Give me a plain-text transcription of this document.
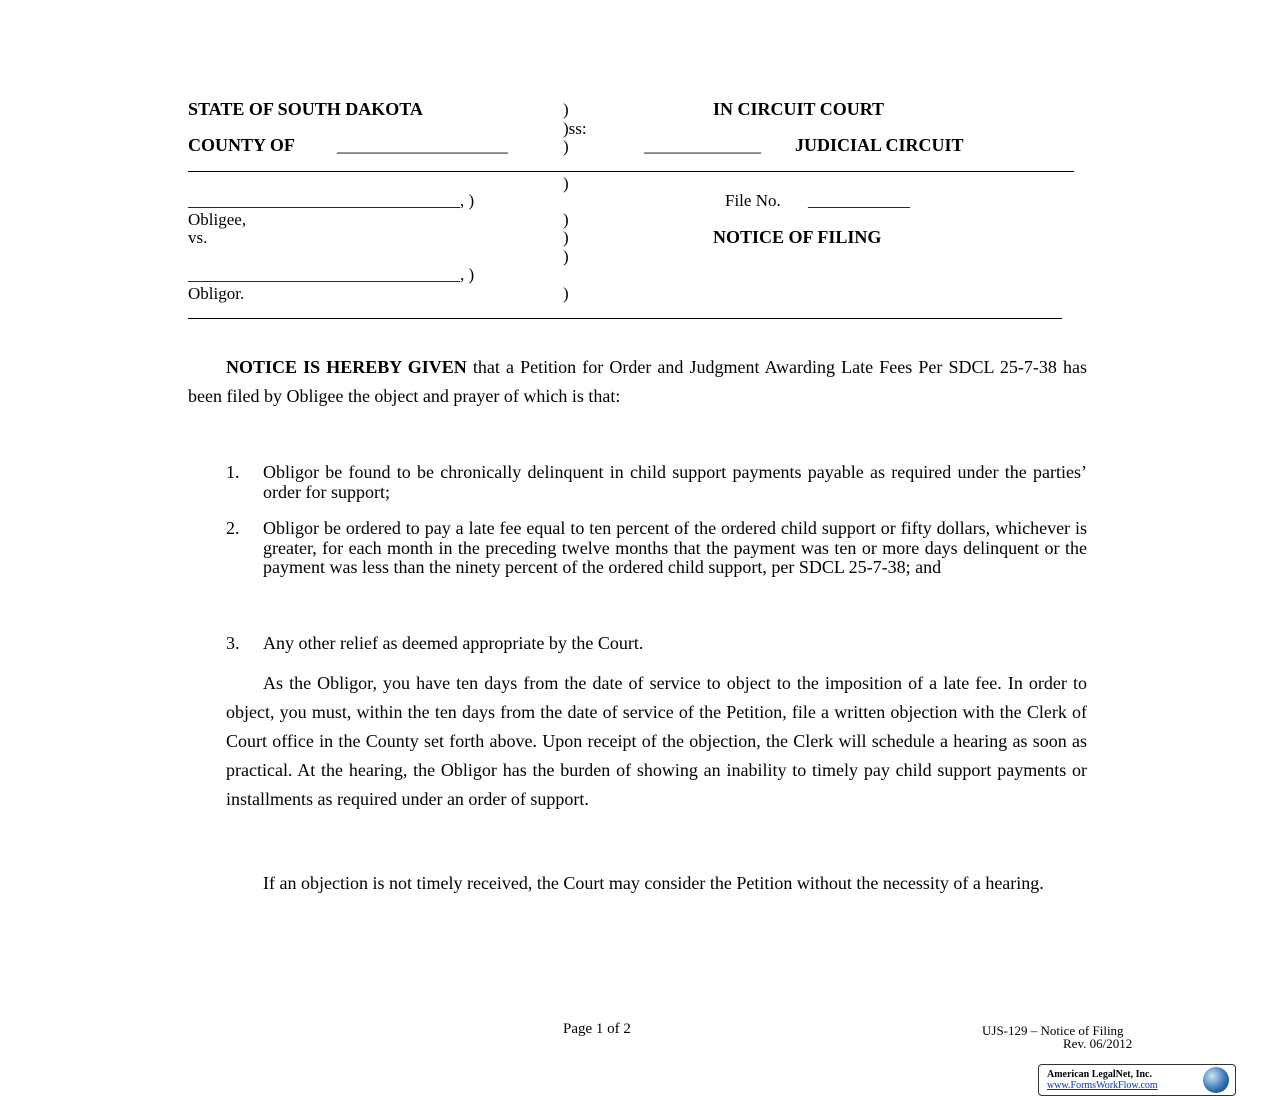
STATE OF SOUTH DAKOTA	)	IN CIRCUIT COURT
)ss:
COUNTY OF ___________________	)	_____________ JUDICIAL CIRCUIT
)
________________________________, )	File No. ____________
Obligee,	)
vs.	)	NOTICE OF FILING
)
________________________________, )
Obligor.	)
NOTICE IS HEREBY GIVEN that a Petition for Order and Judgment Awarding Late Fees Per SDCL 25-7-38 has been filed by Obligee the object and prayer of which is that:
1. Obligor be found to be chronically delinquent in child support payments payable as required under the parties’ order for support;
2. Obligor be ordered to pay a late fee equal to ten percent of the ordered child support or fifty dollars, whichever is greater, for each month in the preceding twelve months that the payment was ten or more days delinquent or the payment was less than the ninety percent of the ordered child support, per SDCL 25-7-38; and
3. Any other relief as deemed appropriate by the Court.
As the Obligor, you have ten days from the date of service to object to the imposition of a late fee. In order to object, you must, within the ten days from the date of service of the Petition, file a written objection with the Clerk of Court office in the County set forth above. Upon receipt of the objection, the Clerk will schedule a hearing as soon as practical. At the hearing, the Obligor has the burden of showing an inability to timely pay child support payments or installments as required under an order of support.
If an objection is not timely received, the Court may consider the Petition without the necessity of a hearing.
Page 1 of 2	UJS-129 – Notice of Filing
Rev. 06/2012
American LegalNet, Inc.
www.FormsWorkFlow.com
